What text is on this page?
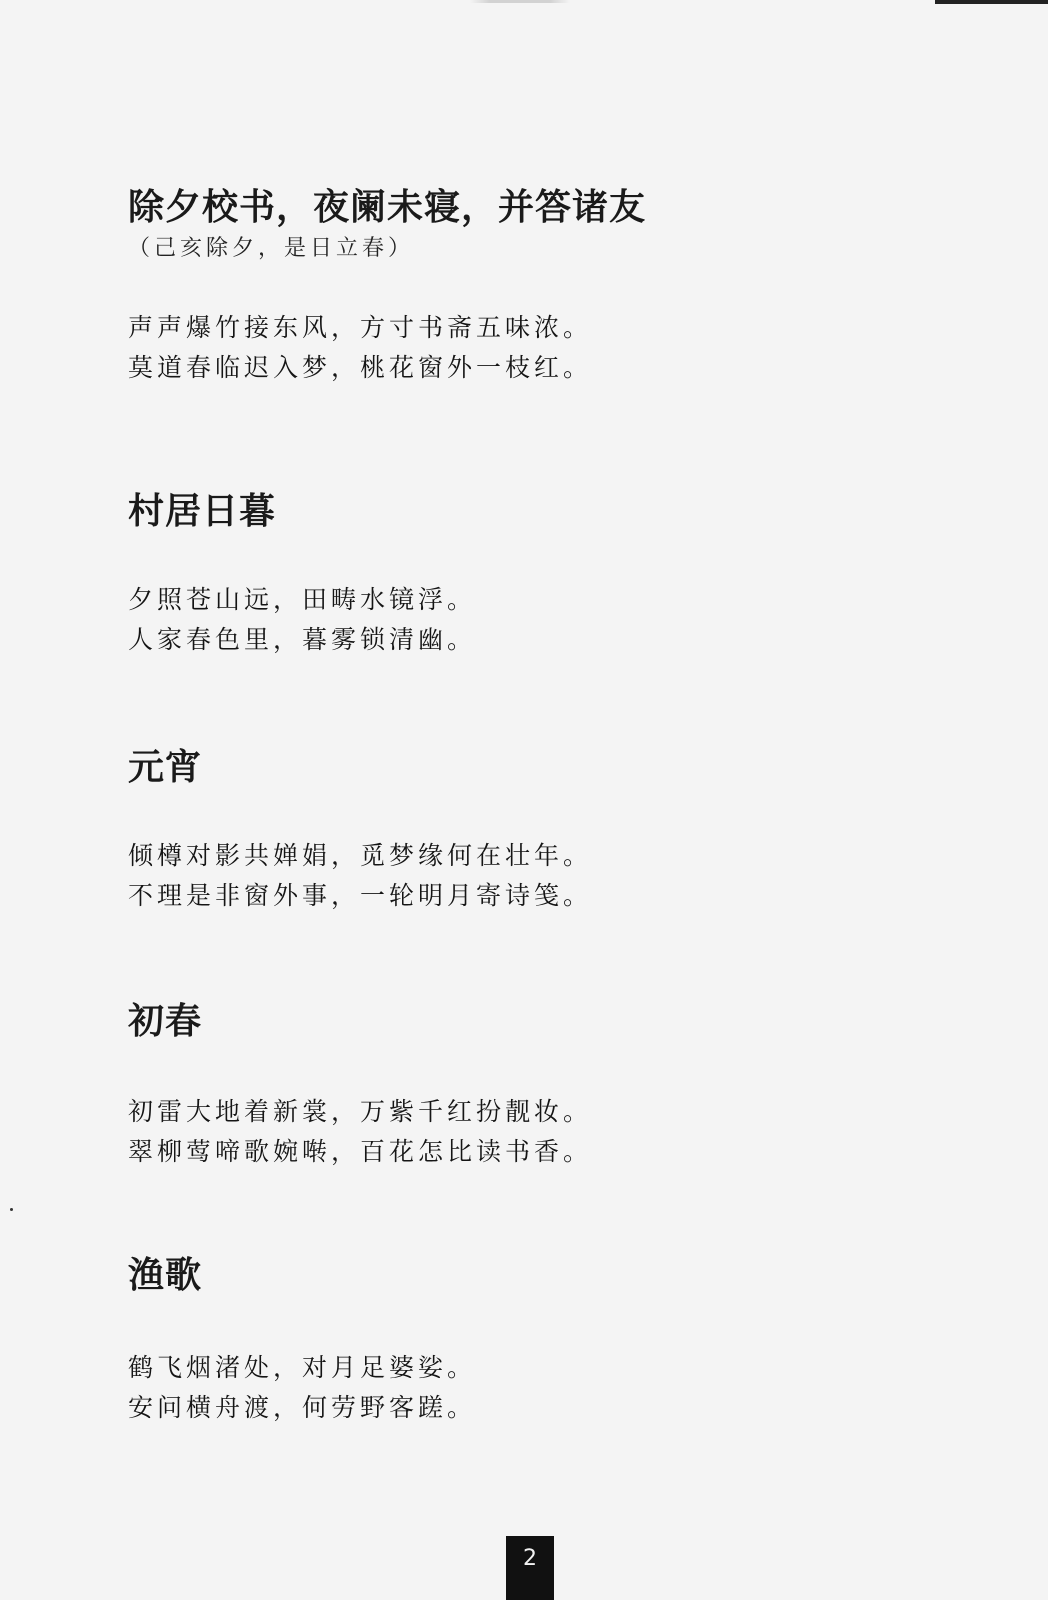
除夕校书，夜阑未寝，并答诸友

（己亥除夕，是日立春）

声声爆竹接东风，方寸书斋五味浓。
莫道春临迟入梦，桃花窗外一枝红。
村居日暮
夕照苍山远，田畴水镜浮。
人家春色里，暮雾锁清幽。
元宵
倾樽对影共婵娟，觅梦缘何在壮年。
不理是非窗外事，一轮明月寄诗笺。
初春
初雷大地着新裳，万紫千红扮靓妆。
翠柳莺啼歌婉啭，百花怎比读书香。
渔歌
鹤飞烟渚处，对月足婆娑。
安问横舟渡，何劳野客蹉。
2
